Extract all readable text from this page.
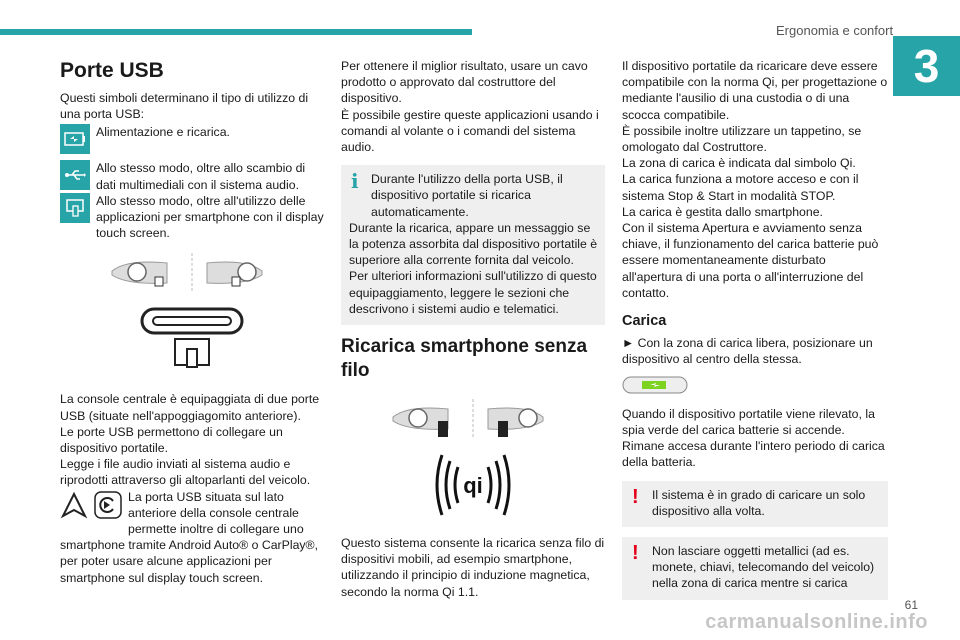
Ergonomia e confort
3
Porte USB

Questi simboli determinano il tipo di utilizzo di una porta USB:

Alimentazione e ricarica.

Allo stesso modo, oltre allo scambio di dati multimediali con il sistema audio.

Allo stesso modo, oltre all'utilizzo delle applicazioni per smartphone con il display touch screen.

La console centrale è equipaggiata di due porte USB (situate nell'appoggiagomito anteriore).

Le porte USB permettono di collegare un dispositivo portatile.

Legge i file audio inviati al sistema audio e riprodotti attraverso gli altoparlanti del veicolo.

La porta USB situata sul lato anteriore della console centrale permette inoltre di collegare uno smartphone tramite Android Auto® o CarPlay®, per poter usare alcune applicazioni per smartphone sul display touch screen.

Per ottenere il miglior risultato, usare un cavo prodotto o approvato dal costruttore del dispositivo.

È possibile gestire queste applicazioni usando i comandi al volante o i comandi del sistema audio.

i	Durante l'utilizzo della porta USB, il dispositivo portatile si ricarica automaticamente.

Durante la ricarica, appare un messaggio se la potenza assorbita dal dispositivo portatile è superiore alla corrente fornita dal veicolo.

Per ulteriori informazioni sull'utilizzo di questo equipaggiamento, leggere le sezioni che descrivono i sistemi audio e telematici.

Ricarica smartphone senza filo
qi

Questo sistema consente la ricarica senza filo di dispositivi mobili, ad esempio smartphone, utilizzando il principio di induzione magnetica, secondo la norma Qi 1.1.

Il dispositivo portatile da ricaricare deve essere compatibile con la norma Qi, per progettazione o mediante l'ausilio di una custodia o di una scocca compatibile.

È possibile inoltre utilizzare un tappetino, se omologato dal Costruttore.

La zona di carica è indicata dal simbolo Qi.

La carica funziona a motore acceso e con il sistema Stop & Start in modalità STOP.

La carica è gestita dallo smartphone.

Con il sistema Apertura e avviamento senza chiave, il funzionamento del carica batterie può essere momentaneamente disturbato all'apertura di una porta o all'interruzione del contatto.

Carica

► Con la zona di carica libera, posizionare un dispositivo al centro della stessa.

Quando il dispositivo portatile viene rilevato, la spia verde del carica batterie si accende. Rimane accesa durante l'intero periodo di carica della batteria.

!	Il sistema è in grado di caricare un solo dispositivo alla volta.

!	Non lasciare oggetti metallici (ad es. monete, chiavi, telecomando del veicolo) nella zona di carica mentre si carica

carmanualsonline.info
61
